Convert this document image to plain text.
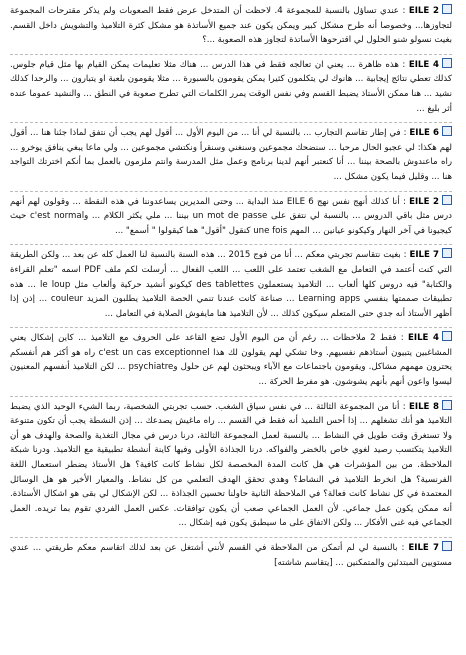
EILE 2 : عندي تساؤل بالنسبة للمجموعة 4. لاحظت أن المتدخل عرض فقط الصعوبات ولم يذكر مقترحات المجموعة لتجاوزها... وخصوصا أنه طرح مشكل كبير ويمكن يكون عند جميع الأساتذة هو مشكل كثرة التلاميذ والتشويش داخل القسم. بغيت نسولو شنو الحلول لي اقترحوها الأساتذة لتجاوز هذه الصعوبة ...؟
EILE 4 : هذه ظاهرة ... يعني ان تعالجه فقط في هذا الدرس ... هناك مثلا تعليمات يمكن القيام بها مثل قيام جلوس. كذلك تعطي نتائج إيجابية ... هانوك لي يتكلمون كثيرا يمكن يقومون بالسبورة ... مثلا يقومون بلعبة او يتبارون ... والرحدا كذلك نشيد ... هنا ممكن الأستاذ يضبط القسم وفي نفس الوقت يمرر الكلمات التي تطرح صعوبة في النطق ... والنشيد عموما عنده أثر بليغ ...
EILE 6 : في إطار تقاسم التجارب ... بالنسبة لي أنا ... من اليوم الأول ... أقول لهم يجب أن نتفق لماذا جئنا هنا ... أقول لهم هكذا: لي عجبو الحال مرحبا ... سنضحك مجموعين وسنغني وسنقرأ ونكتشي مجموعين ... ولي ماعا يبغي ينافق يوخرو ... راه ماعندوش بالصحة بيننا ... أنا كنعتبر أنهم لدينا برنامج وعمل مثل المدرسة وانتم ملزمون بالعمل بما أنكم اخترتك التواجد هنا ... وقليل فيما يكون مشكل ...
EILE 2 : أنا كذلك أنهج نفس نهج EILE 6 منذ البداية ... وحتى المديرين يساعدوننا في هذه النقطة ... وقولون لهم أنهم درس مثل باقي الدروس ... بالنسبة لي نتفق على un mot de passe بيننا ... ملي يكثر الكلام ... وc'est normal حيث كيجيونا في آخر النهار وكيكونو عيانين ... المهم une fois كنقول "أقول" هما كيقولوا " أسمع" ...
EILE 7 : بغيت نتقاسم تجربتي معكم ... أنا من فوج 2015 ... هذه السنة بالنسبة لنا العمل كله عن بعد ... ولكن الطريقة التي كنت أعتمد في التعامل مع الشغب تعتمد على اللعب ... اللعب الفعال ... أرسلت لكم ملف PDF اسمه "تعلم القراءة والكتابة" فيه دروس كلها ألعاب ... التلاميذ يستعملون des tablettes كيكونو أنشيد حركية وألعاب مثل le loup ... هذه تطبيقات صممتها بنفسي Learning apps ... صناعة كانت عندنا تنمي الحصة التلاميذ يطلبون المزيد couleur ... إذن إذا أظهر الأستاذ أنه جدي حتى المتعلم سيكون كذلك ... لأن التلاميذ هنا مايفوش الصلابة في التعامل ...
EILE 4 : فقط 2 ملاحظات ... رغم أن من اليوم الأول تضع القاعد على الحروف مع التلاميذ ... كاين إشكال يعني المشاغبين يتبيون أستاذهم نفسيهم. وخا تشكي لهم يقولون لك هذا c'est un cas exceptionnel راه هو أكثر هم أنفسكم يحترون مهمهم مشاكل. ويقومون باجتماعات مع الآباء ويبحثون لهم عن حلول وpsychiatre ... لكن التلاميذ أنفسهم المعنيون ليسوا واعون أنهم بأنهم يشوشون. هو مفرط الحركة ...
EILE 8 : أنا من المجموعة الثالثة ... في نفس سياق الشغب. حسب تجربتي الشخصية، ربما الشيء الوحيد الذي يضبط التلاميذ هو أنك تشغلهم ... إذا أحس التلميذ أنه فقط في القسم ... راه ماغيش يصدعك ... إذن النشطة يجب أن تكون متنوعة ولا تستغرق وقت طويل في النشاط ... بالنسبة لعمل المجموعة الثالثة، درنا درس في مجال التغذية والصحة والهدف هو أن التلاميذ يتكتسب رصيد لغوي خاص بالخضر والفواكه. درنا الجذاذة الأولى وفيها كاينة أنشطة تطبيقية مع التلاميذ. ودرنا شبكة الملاحظة. من بين المؤشرات هي هل كانت المدة المخصصة لكل نشاط كانت كافية؟ هل الأستاذ يضطر استعمال اللغة الفرنسية؟ هل انخرط التلاميذ في النشاط؟ وهدي تحقق الهدف التعلمي من كل نشاط. والمعيار الأخير هو هل الوسائل المعتمدة في كل نشاط كانت فعالة؟ في الملاحظة الثانية حاولنا تحسين الجذاذة ... لكن الإشكال لي بقى هو اشكال الأستاذة. أنه ممكن يكون عمل جماعي. لأن العمل الجماعي صعب أن يكون توافقات. عكس العمل الفردي تقوم بما تريده. العمل الجماعي فيه غنى الأفكار ... ولكن الاتفاق على ما سيطبق يكون فيه إشكال ...
EILE 7 : بالنسبة لي لم أتمكن من الملاحظة في القسم لأنني أشتغل عن بعد لذلك اتقاسم معكم طريقتي ... عندي مستويين المبتدئين والمتمكنين ... [يتقاسم شاشته]
